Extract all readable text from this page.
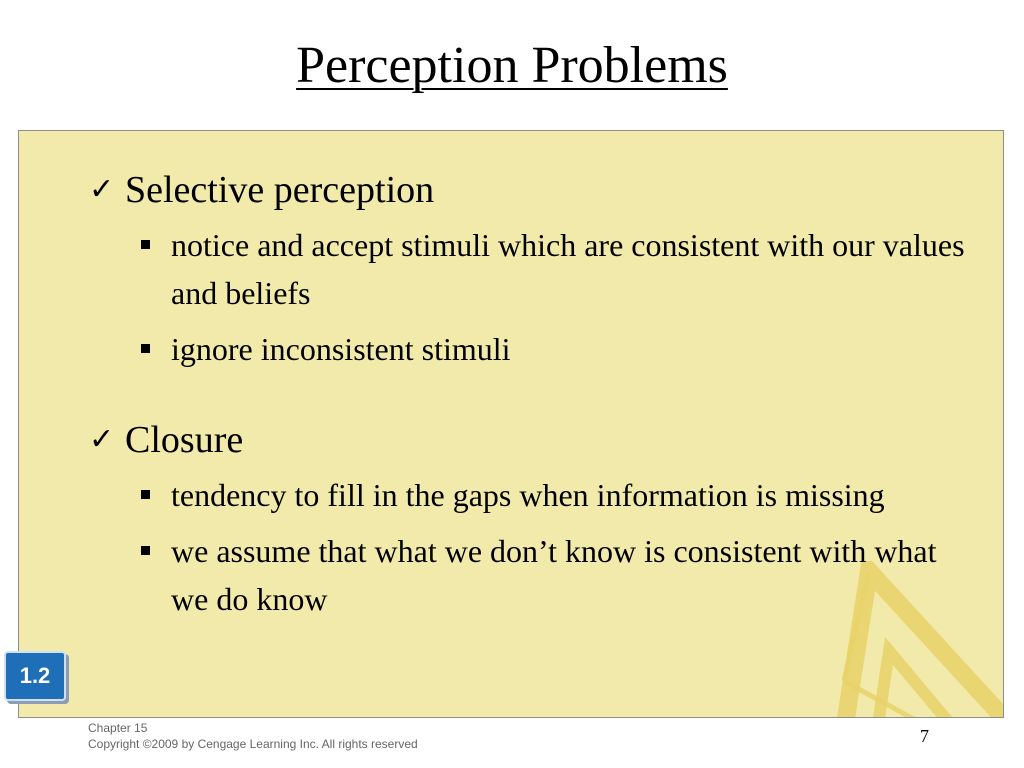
Perception Problems
✓ Selective perception
notice and accept stimuli which are consistent with our values and beliefs
ignore inconsistent stimuli
✓ Closure
tendency to fill in the gaps when information is missing
we assume that what we don’t know is consistent with what we do know
1.2
Chapter 15
Copyright ©2009 by Cengage Learning Inc. All rights reserved	7
